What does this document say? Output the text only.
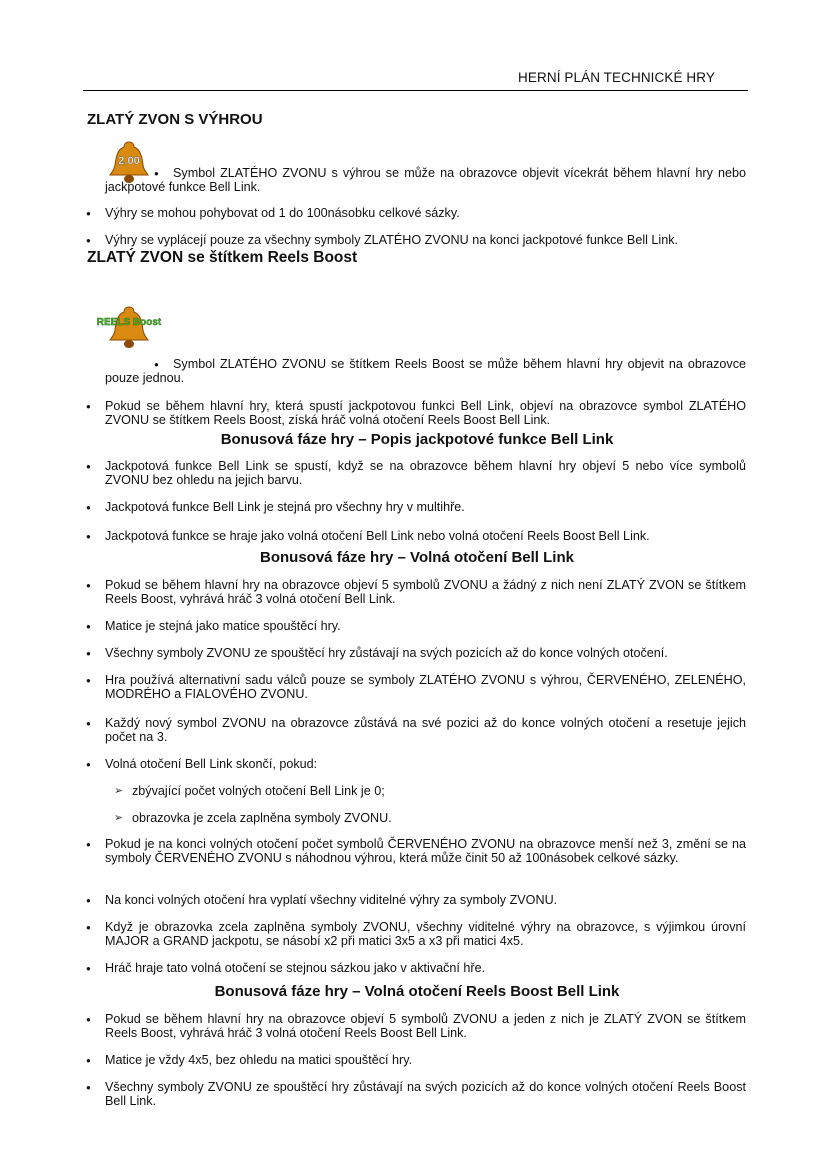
HERNÍ PLÁN TECHNICKÉ HRY
ZLATÝ ZVON S VÝHROU
2.00
● Symbol ZLATÉHO ZVONU s výhrou se může na obrazovce objevit vícekrát během hlavní hry nebo jackpotové funkce Bell Link.
● Výhry se mohou pohybovat od 1 do 100násobku celkové sázky.
● Výhry se vyplácejí pouze za všechny symboly ZLATÉHO ZVONU na konci jackpotové funkce Bell Link.
ZLATÝ ZVON se štítkem Reels Boost
REELS Boost
● Symbol ZLATÉHO ZVONU se štítkem Reels Boost se může během hlavní hry objevit na obrazovce pouze jednou.
● Pokud se během hlavní hry, která spustí jackpotovou funkci Bell Link, objeví na obrazovce symbol ZLATÉHO ZVONU se štítkem Reels Boost, získá hráč volná otočení Reels Boost Bell Link.
Bonusová fáze hry – Popis jackpotové funkce Bell Link
● Jackpotová funkce Bell Link se spustí, když se na obrazovce během hlavní hry objeví 5 nebo více symbolů ZVONU bez ohledu na jejich barvu.
● Jackpotová funkce Bell Link je stejná pro všechny hry v multihře.
● Jackpotová funkce se hraje jako volná otočení Bell Link nebo volná otočení Reels Boost Bell Link.
Bonusová fáze hry – Volná otočení Bell Link
● Pokud se během hlavní hry na obrazovce objeví 5 symbolů ZVONU a žádný z nich není ZLATÝ ZVON se štítkem Reels Boost, vyhrává hráč 3 volná otočení Bell Link.
● Matice je stejná jako matice spouštěcí hry.
● Všechny symboly ZVONU ze spouštěcí hry zůstávají na svých pozicích až do konce volných otočení.
● Hra používá alternativní sadu válců pouze se symboly ZLATÉHO ZVONU s výhrou, ČERVENÉHO, ZELENÉHO, MODRÉHO a FIALOVÉHO ZVONU.
● Každý nový symbol ZVONU na obrazovce zůstává na své pozici až do konce volných otočení a resetuje jejich počet na 3.
● Volná otočení Bell Link skončí, pokud:
➢ zbývající počet volných otočení Bell Link je 0;
➢ obrazovka je zcela zaplněna symboly ZVONU.
● Pokud je na konci volných otočení počet symbolů ČERVENÉHO ZVONU na obrazovce menší než 3, změní se na symboly ČERVENÉHO ZVONU s náhodnou výhrou, která může činit 50 až 100násobek celkové sázky.
● Na konci volných otočení hra vyplatí všechny viditelné výhry za symboly ZVONU.
● Když je obrazovka zcela zaplněna symboly ZVONU, všechny viditelné výhry na obrazovce, s výjimkou úrovní MAJOR a GRAND jackpotu, se násobí x2 při matici 3x5 a x3 při matici 4x5.
● Hráč hraje tato volná otočení se stejnou sázkou jako v aktivační hře.
Bonusová fáze hry – Volná otočení Reels Boost Bell Link
● Pokud se během hlavní hry na obrazovce objeví 5 symbolů ZVONU a jeden z nich je ZLATÝ ZVON se štítkem Reels Boost, vyhrává hráč 3 volná otočení Reels Boost Bell Link.
● Matice je vždy 4x5, bez ohledu na matici spouštěcí hry.
● Všechny symboly ZVONU ze spouštěcí hry zůstávají na svých pozicích až do konce volných otočení Reels Boost Bell Link.
